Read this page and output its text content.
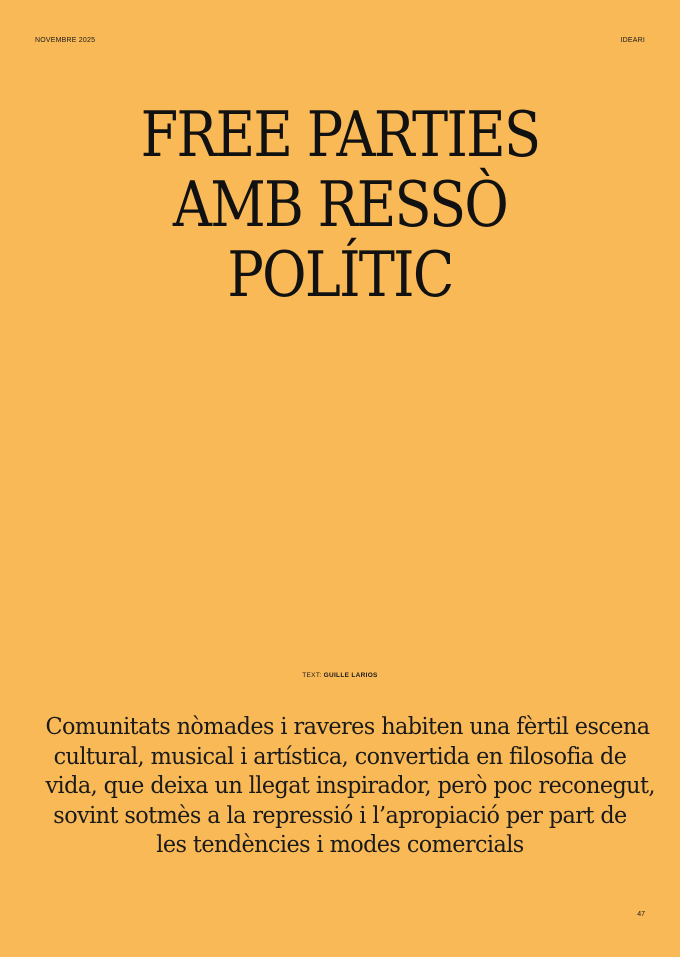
NOVEMBRE 2025	IDEARI
FREE PARTIES
AMB RESSÒ
POLÍTIC
TEXT: GUILLE LARIOS
Comunitats nòmades i raveres habiten una fèrtil escena
cultural, musical i artística, convertida en filosofia de
vida, que deixa un llegat inspirador, però poc reconegut,
sovint sotmès a la repressió i l’apropiació per part de
les tendències i modes comercials
47
